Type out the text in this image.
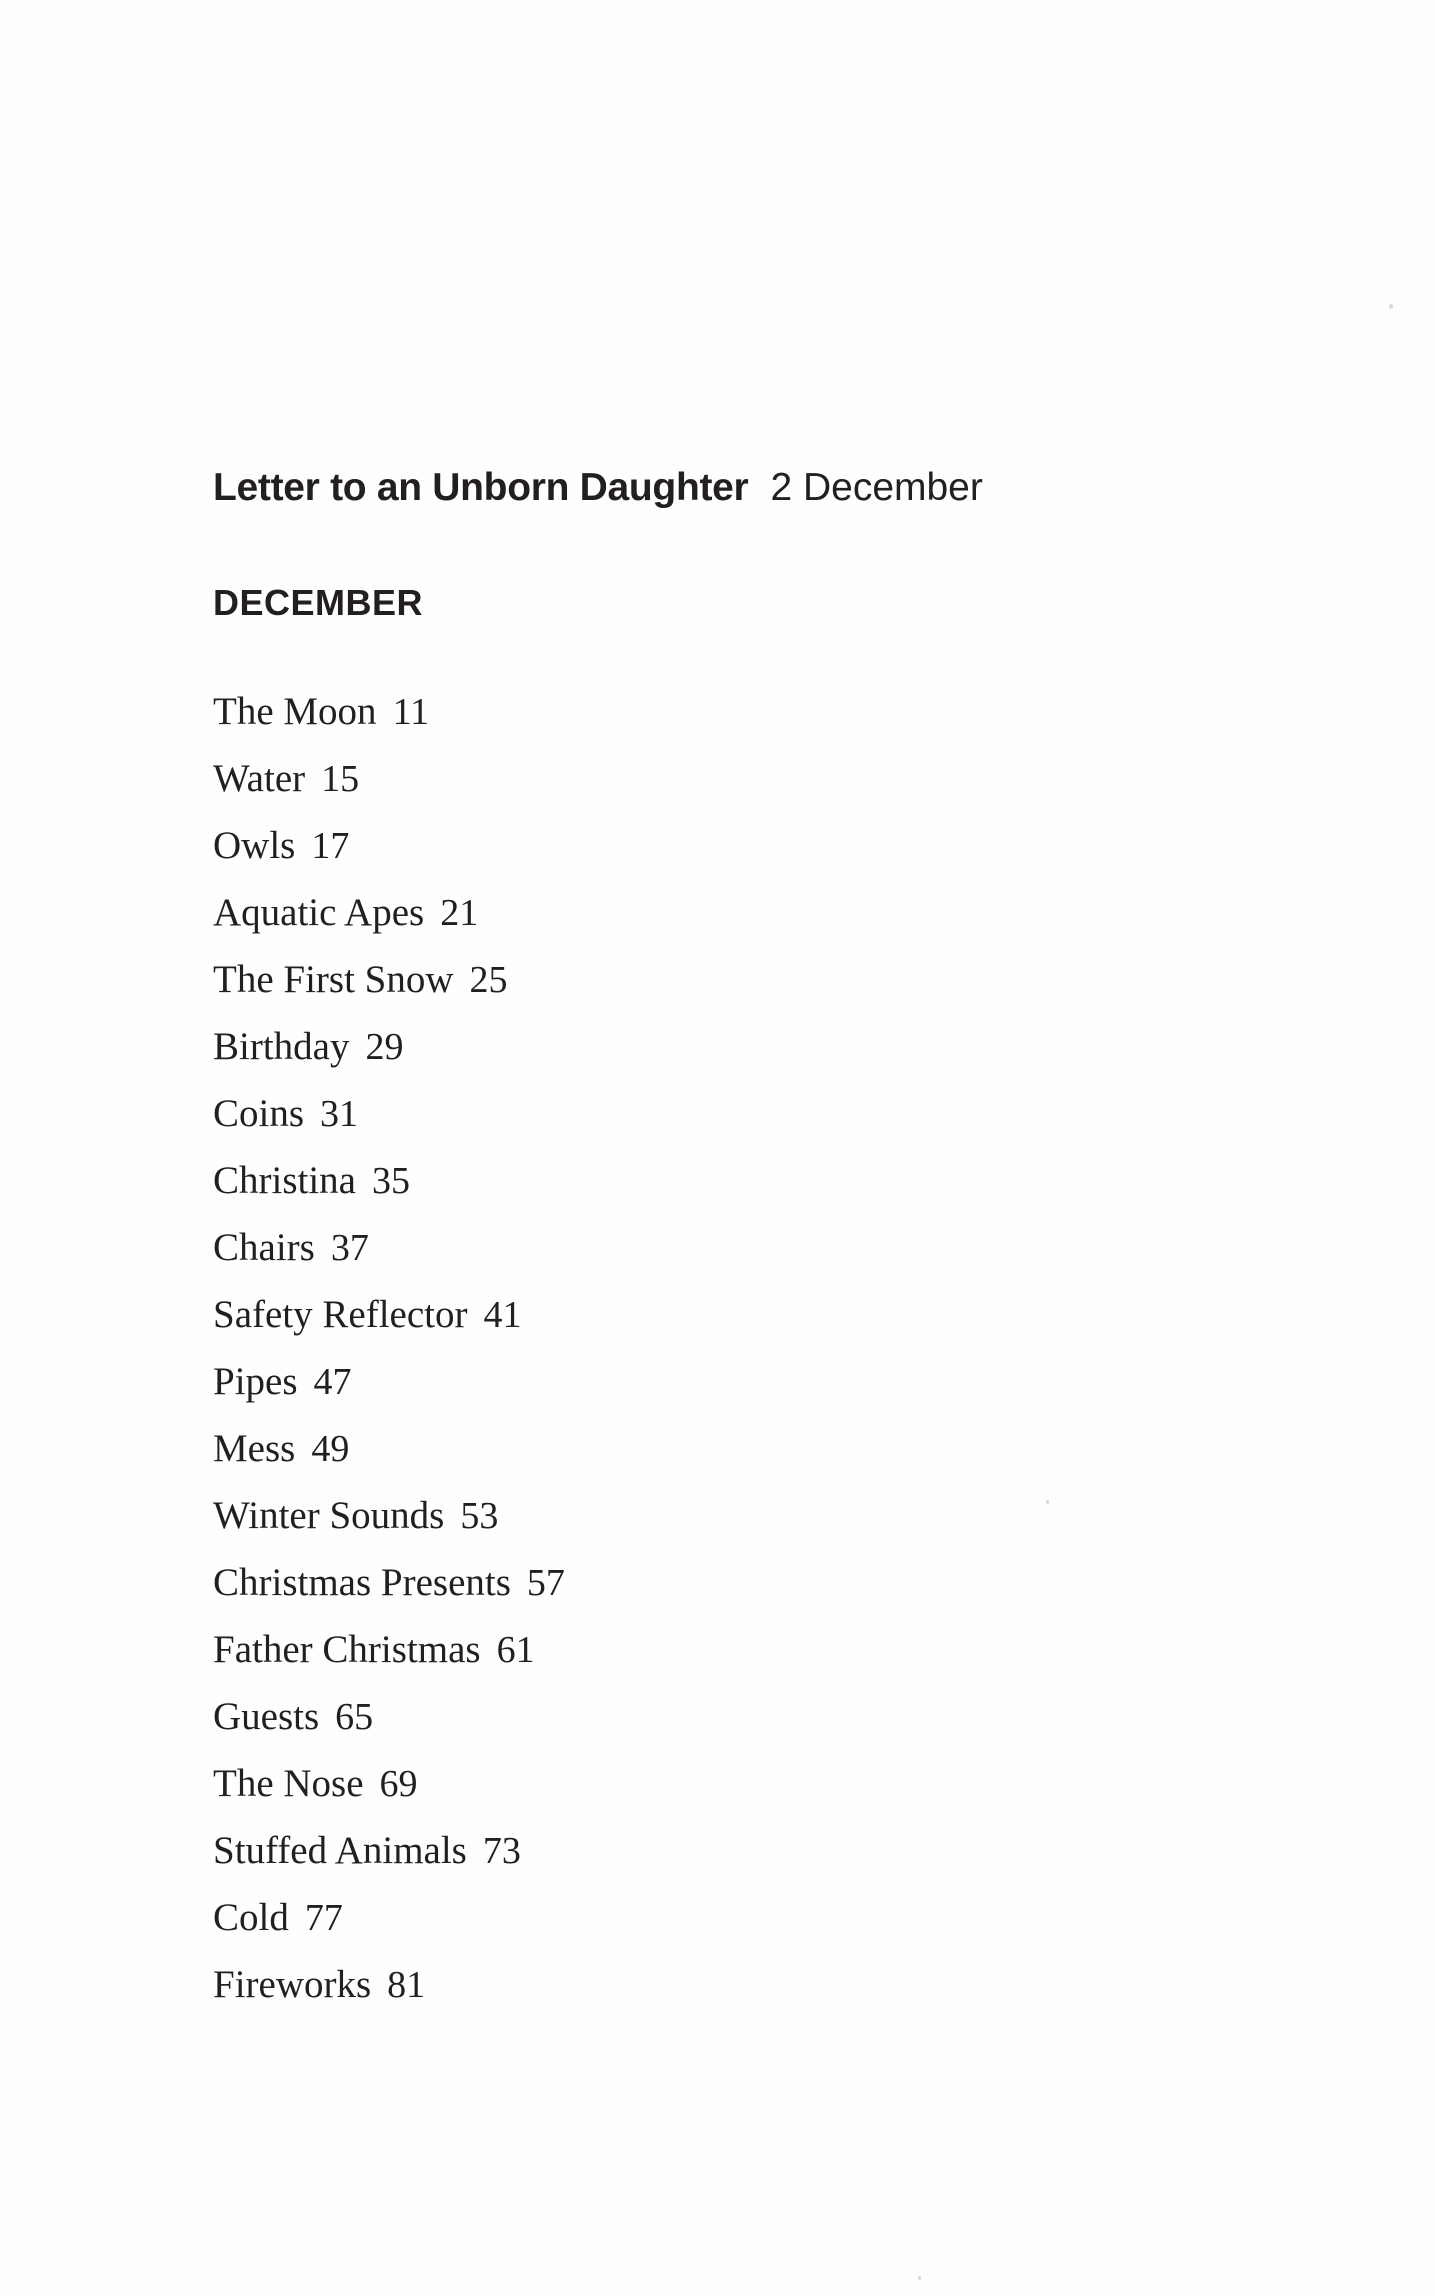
Letter to an Unborn Daughter 2 December
DECEMBER
The Moon 11
Water 15
Owls 17
Aquatic Apes 21
The First Snow 25
Birthday 29
Coins 31
Christina 35
Chairs 37
Safety Reflector 41
Pipes 47
Mess 49
Winter Sounds 53
Christmas Presents 57
Father Christmas 61
Guests 65
The Nose 69
Stuffed Animals 73
Cold 77
Fireworks 81
